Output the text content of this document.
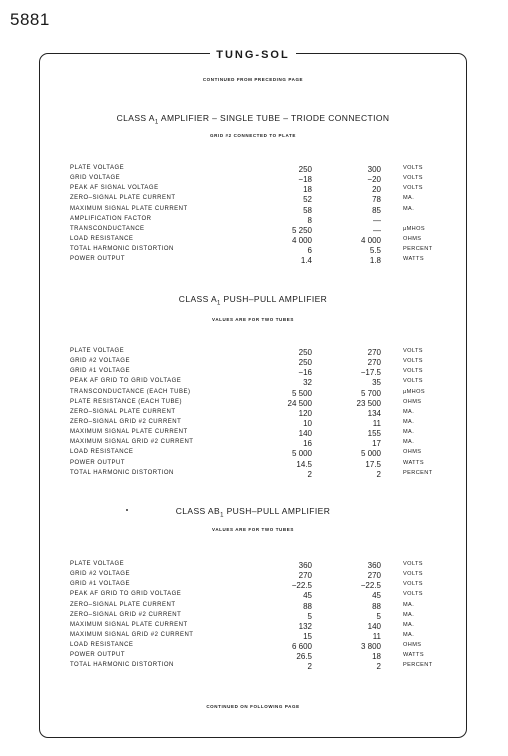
5881
TUNG-SOL
CONTINUED FROM PRECEDING PAGE
CLASS $A_1$ AMPLIFIER – SINGLE TUBE – TRIODE CONNECTION
GRID #2 CONNECTED TO PLATE
PLATE VOLTAGE	250	300	VOLTS
GRID VOLTAGE	−18	−20	VOLTS
PEAK AF SIGNAL VOLTAGE	18	20	VOLTS
ZERO–SIGNAL PLATE CURRENT	52	78	MA.
MAXIMUM SIGNAL PLATE CURRENT	58	85	MA.
AMPLIFICATION FACTOR	8	—
TRANSCONDUCTANCE	5 250	—	µMHOS
LOAD RESISTANCE	4 000	4 000	OHMS
TOTAL HARMONIC DISTORTION	6	5.5	PERCENT
POWER OUTPUT	1.4	1.8	WATTS
CLASS $A_1$ PUSH–PULL AMPLIFIER
VALUES ARE FOR TWO TUBES
PLATE VOLTAGE	250	270	VOLTS
GRID #2 VOLTAGE	250	270	VOLTS
GRID #1 VOLTAGE	−16	−17.5	VOLTS
PEAK AF GRID TO GRID VOLTAGE	32	35	VOLTS
TRANSCONDUCTANCE (EACH TUBE)	5 500	5 700	µMHOS
PLATE RESISTANCE (EACH TUBE)	24 500	23 500	OHMS
ZERO–SIGNAL PLATE CURRENT	120	134	MA.
ZERO–SIGNAL GRID #2 CURRENT	10	11	MA.
MAXIMUM SIGNAL PLATE CURRENT	140	155	MA.
MAXIMUM SIGNAL GRID #2 CURRENT	16	17	MA.
LOAD RESISTANCE	5 000	5 000	OHMS
POWER OUTPUT	14.5	17.5	WATTS
TOTAL HARMONIC DISTORTION	2	2	PERCENT
CLASS $AB_1$ PUSH–PULL AMPLIFIER
VALUES ARE FOR TWO TUBES
PLATE VOLTAGE	360	360	VOLTS
GRID #2 VOLTAGE	270	270	VOLTS
GRID #1 VOLTAGE	−22.5	−22.5	VOLTS
PEAK AF GRID TO GRID VOLTAGE	45	45	VOLTS
ZERO–SIGNAL PLATE CURRENT	88	88	MA.
ZERO–SIGNAL GRID #2 CURRENT	5	5	MA.
MAXIMUM SIGNAL PLATE CURRENT	132	140	MA.
MAXIMUM SIGNAL GRID #2 CURRENT	15	11	MA.
LOAD RESISTANCE	6 600	3 800	OHMS
POWER OUTPUT	26.5	18	WATTS
TOTAL HARMONIC DISTORTION	2	2	PERCENT
CONTINUED ON FOLLOWING PAGE
